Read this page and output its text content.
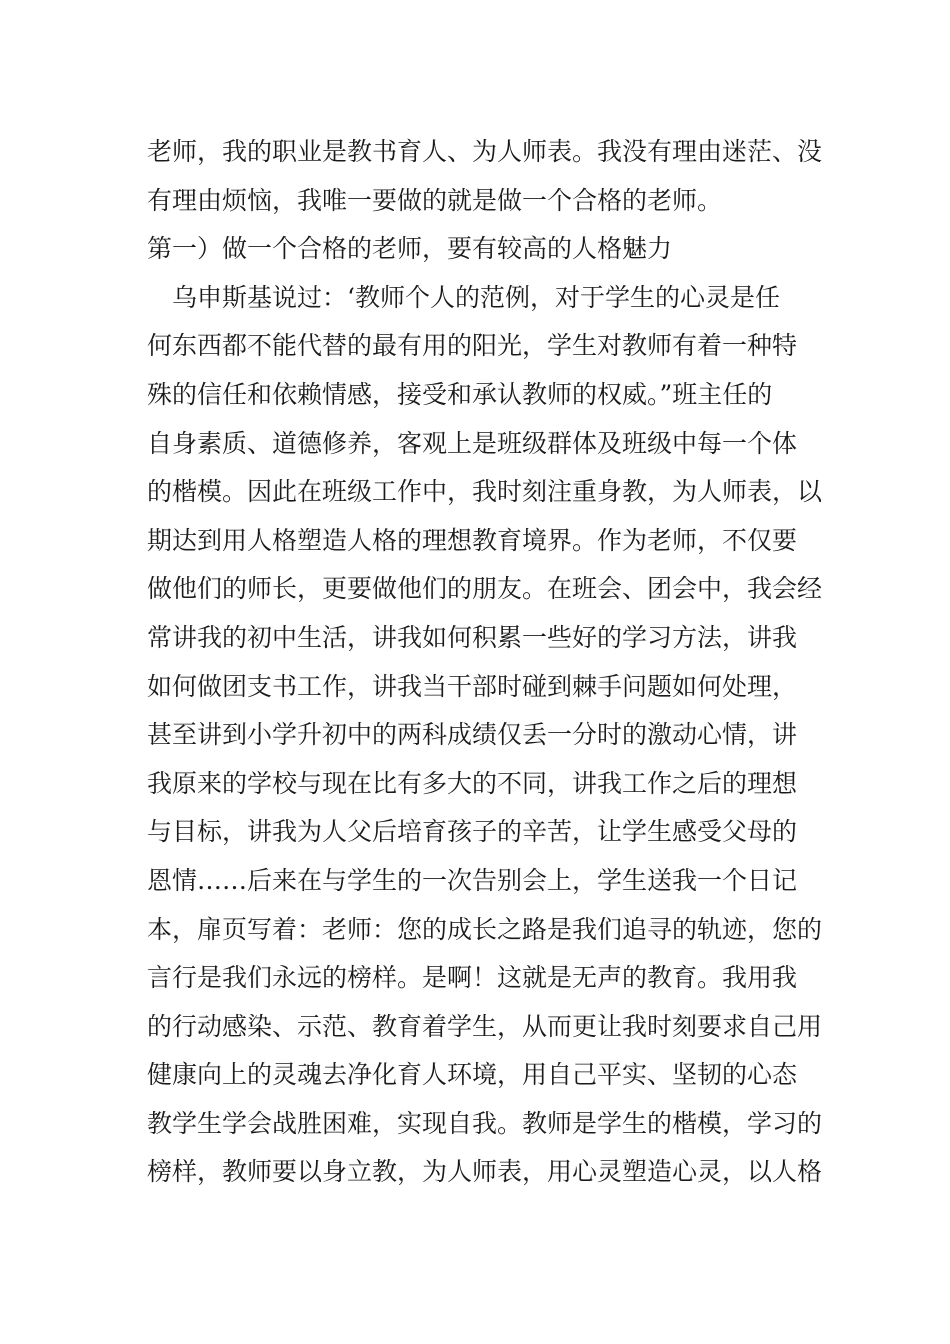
老师，我的职业是教书育人、为人师表。我没有理由迷茫、没
有理由烦恼，我唯一要做的就是做一个合格的老师。
第一）做一个合格的老师，要有较高的人格魅力
　乌申斯基说过：‘教师个人的范例，对于学生的心灵是任
何东西都不能代替的最有用的阳光，学生对教师有着一种特
殊的信任和依赖情感，接受和承认教师的权威。”班主任的
自身素质、道德修养，客观上是班级群体及班级中每一个体
的楷模。因此在班级工作中，我时刻注重身教，为人师表，以
期达到用人格塑造人格的理想教育境界。作为老师，不仅要
做他们的师长，更要做他们的朋友。在班会、团会中，我会经
常讲我的初中生活，讲我如何积累一些好的学习方法，讲我
如何做团支书工作，讲我当干部时碰到棘手问题如何处理，
甚至讲到小学升初中的两科成绩仅丢一分时的激动心情，讲
我原来的学校与现在比有多大的不同，讲我工作之后的理想
与目标，讲我为人父后培育孩子的辛苦，让学生感受父母的
恩情……后来在与学生的一次告别会上，学生送我一个日记
本，扉页写着：老师：您的成长之路是我们追寻的轨迹，您的
言行是我们永远的榜样。是啊！这就是无声的教育。我用我
的行动感染、示范、教育着学生，从而更让我时刻要求自己用
健康向上的灵魂去净化育人环境，用自己平实、坚韧的心态
教学生学会战胜困难，实现自我。教师是学生的楷模，学习的
榜样，教师要以身立教，为人师表，用心灵塑造心灵，以人格
